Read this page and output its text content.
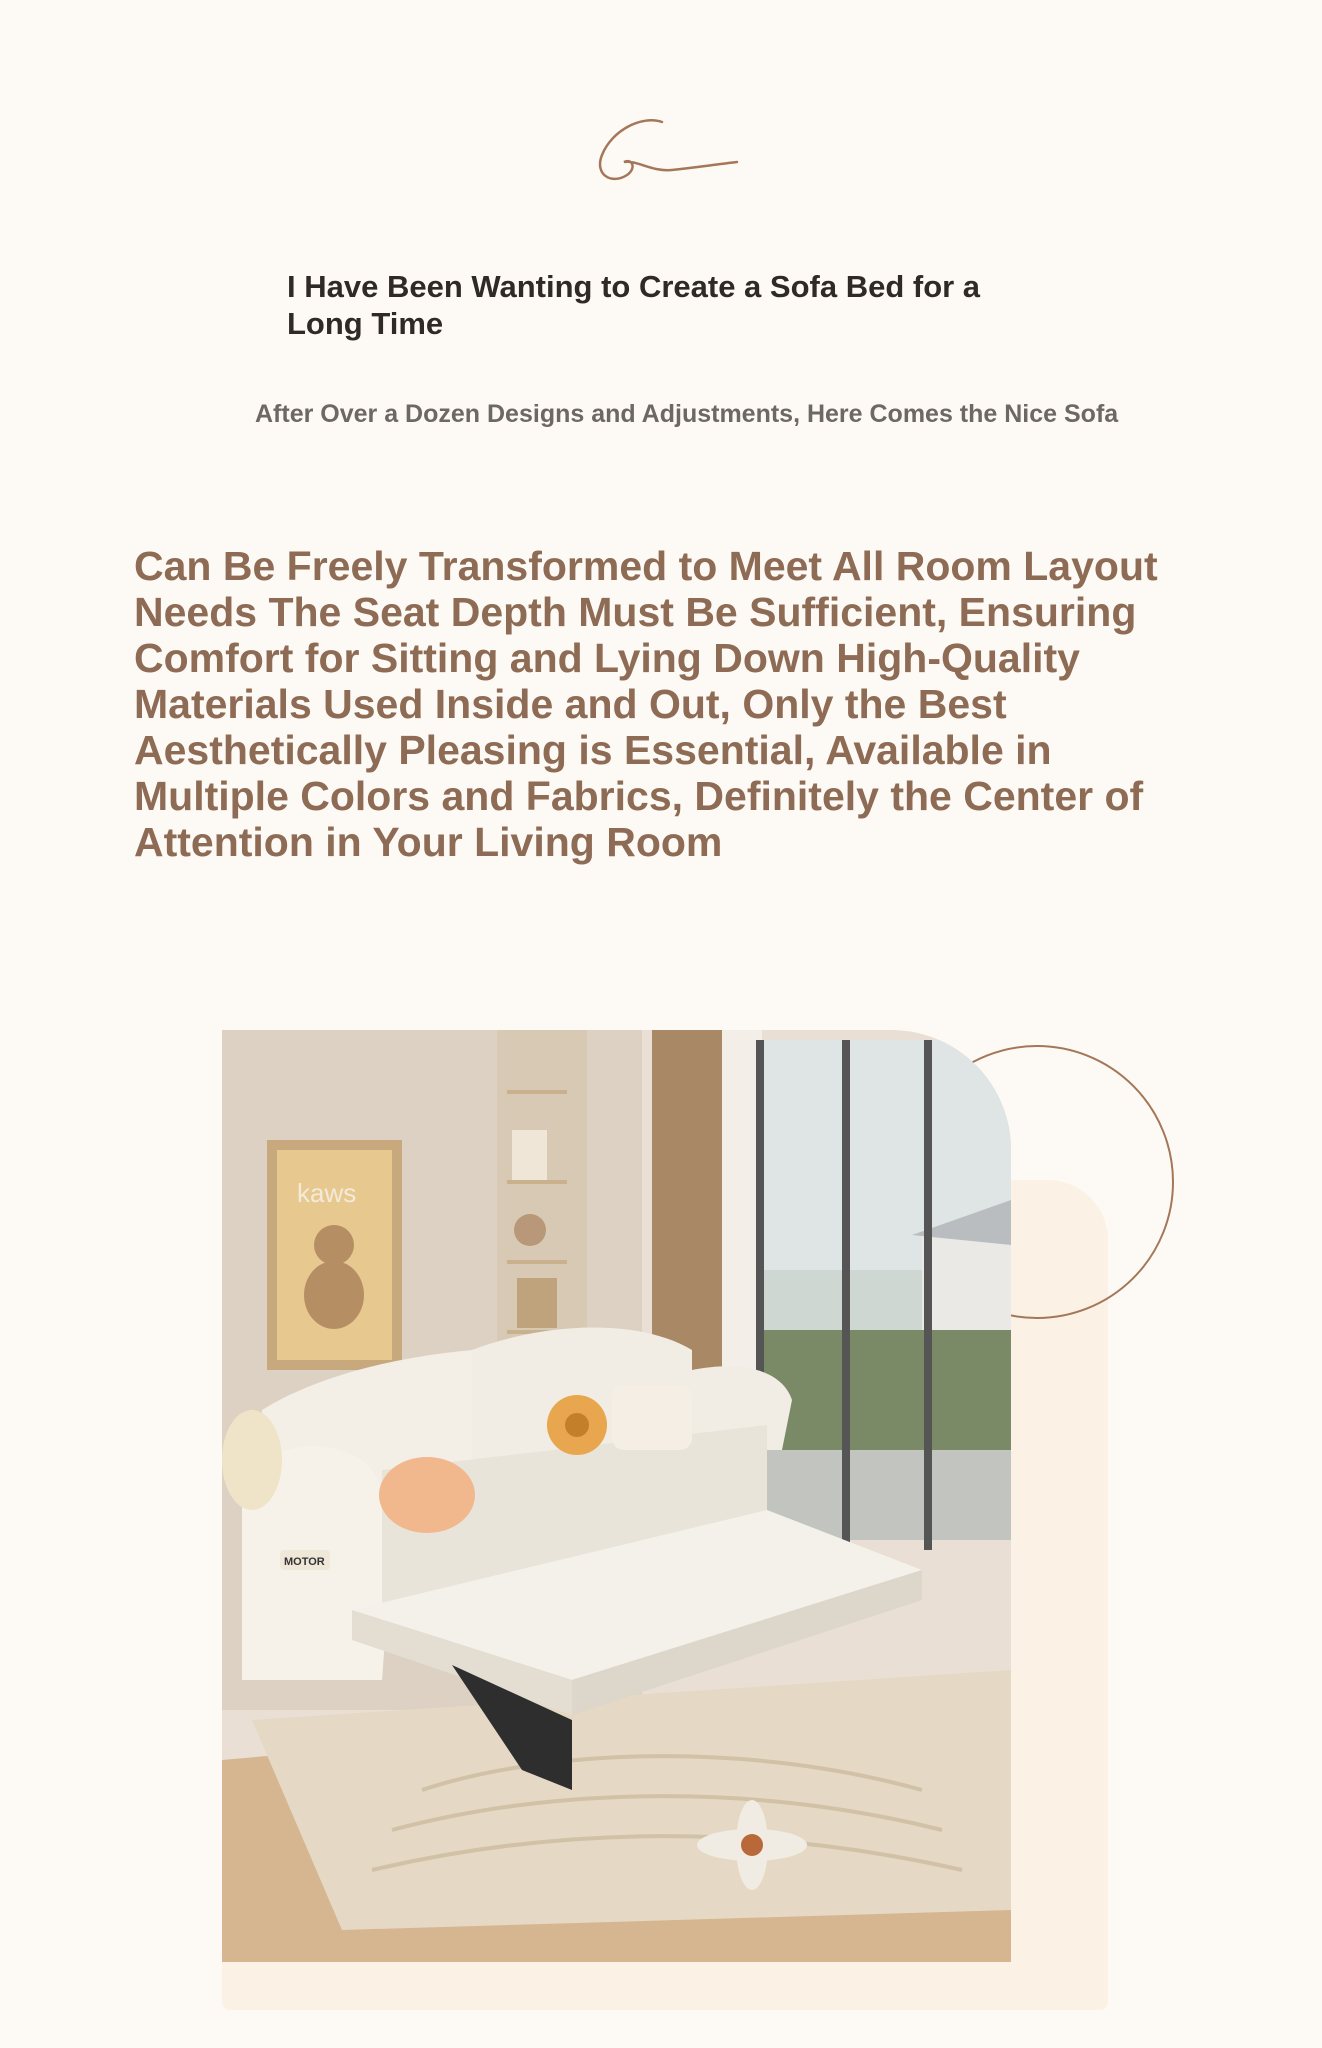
I Have Been Wanting to Create a Sofa Bed for a Long Time

After Over a Dozen Designs and Adjustments, Here Comes the Nice Sofa

Can Be Freely Transformed to Meet All Room Layout Needs The Seat Depth Must Be Sufficient, Ensuring Comfort for Sitting and Lying Down High-Quality Materials Used Inside and Out, Only the Best Aesthetically Pleasing is Essential, Available in Multiple Colors and Fabrics, Definitely the Center of Attention in Your Living Room

kaws
MOTOR
